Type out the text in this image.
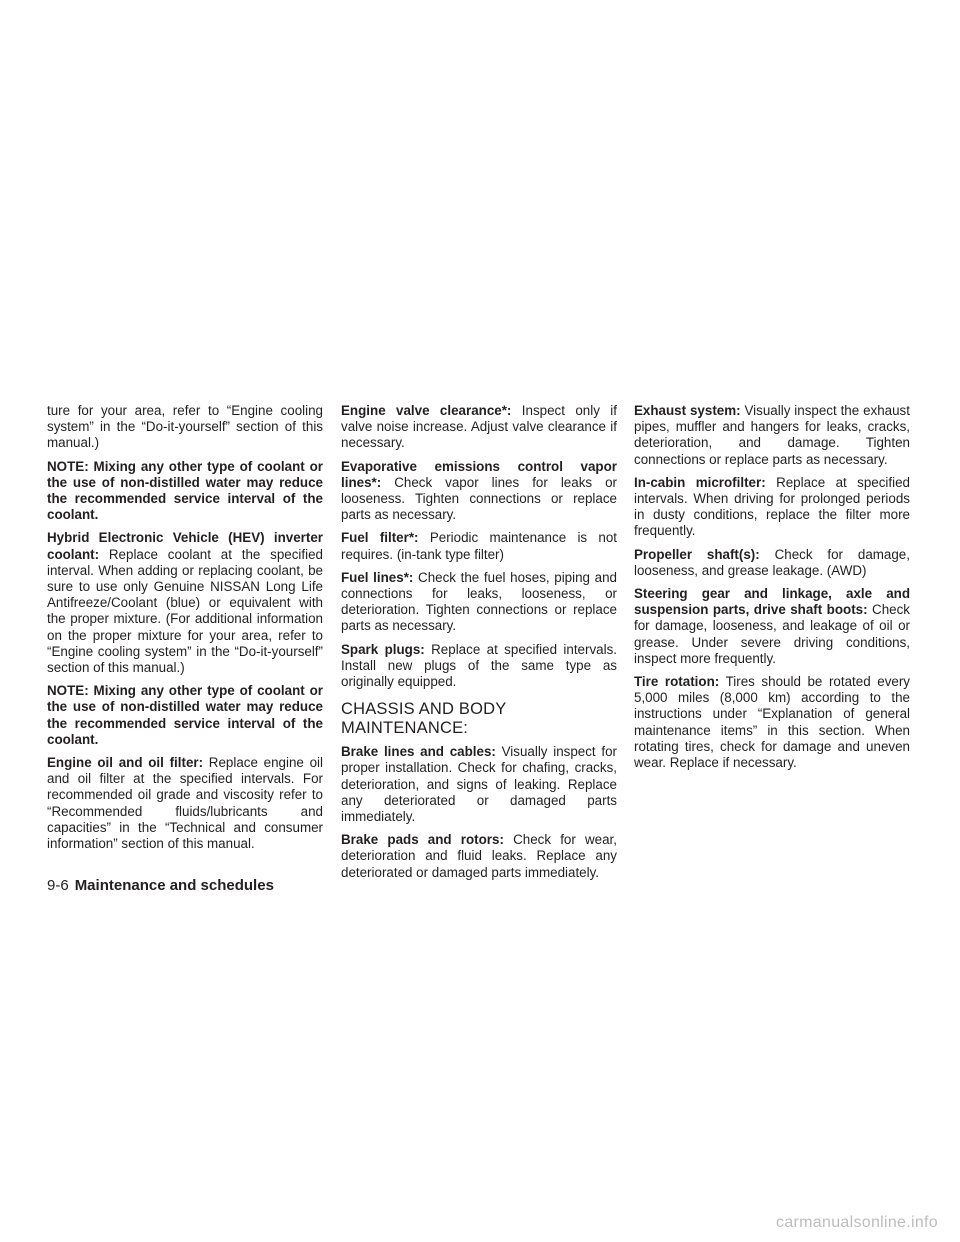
ture for your area, refer to “Engine cooling system” in the “Do-it-yourself” section of this manual.)

NOTE: Mixing any other type of coolant or the use of non-distilled water may reduce the recommended service interval of the coolant.

Hybrid Electronic Vehicle (HEV) inverter coolant: Replace coolant at the specified interval. When adding or replacing coolant, be sure to use only Genuine NISSAN Long Life Antifreeze/Coolant (blue) or equivalent with the proper mixture. (For additional information on the proper mixture for your area, refer to “Engine cooling system” in the “Do-it-yourself” section of this manual.)

NOTE: Mixing any other type of coolant or the use of non-distilled water may reduce the recommended service interval of the coolant.

Engine oil and oil filter: Replace engine oil and oil filter at the specified intervals. For recommended oil grade and viscosity refer to “Recommended fluids/lubricants and capacities” in the “Technical and consumer information” section of this manual.

Engine valve clearance*: Inspect only if valve noise increase. Adjust valve clearance if necessary.

Evaporative emissions control vapor lines*: Check vapor lines for leaks or looseness. Tighten connections or replace parts as necessary.

Fuel filter*: Periodic maintenance is not requires. (in-tank type filter)

Fuel lines*: Check the fuel hoses, piping and connections for leaks, looseness, or deterioration. Tighten connections or replace parts as necessary.

Spark plugs: Replace at specified intervals. Install new plugs of the same type as originally equipped.

CHASSIS AND BODY MAINTENANCE:

Brake lines and cables: Visually inspect for proper installation. Check for chafing, cracks, deterioration, and signs of leaking. Replace any deteriorated or damaged parts immediately.

Brake pads and rotors: Check for wear, deterioration and fluid leaks. Replace any deteriorated or damaged parts immediately.

Exhaust system: Visually inspect the exhaust pipes, muffler and hangers for leaks, cracks, deterioration, and damage. Tighten connections or replace parts as necessary.

In-cabin microfilter: Replace at specified intervals. When driving for prolonged periods in dusty conditions, replace the filter more frequently.

Propeller shaft(s): Check for damage, looseness, and grease leakage. (AWD)

Steering gear and linkage, axle and suspension parts, drive shaft boots: Check for damage, looseness, and leakage of oil or grease. Under severe driving conditions, inspect more frequently.

Tire rotation: Tires should be rotated every 5,000 miles (8,000 km) according to the instructions under “Explanation of general maintenance items” in this section. When rotating tires, check for damage and uneven wear. Replace if necessary.

9-6 Maintenance and schedules
carmanualsonline.info
